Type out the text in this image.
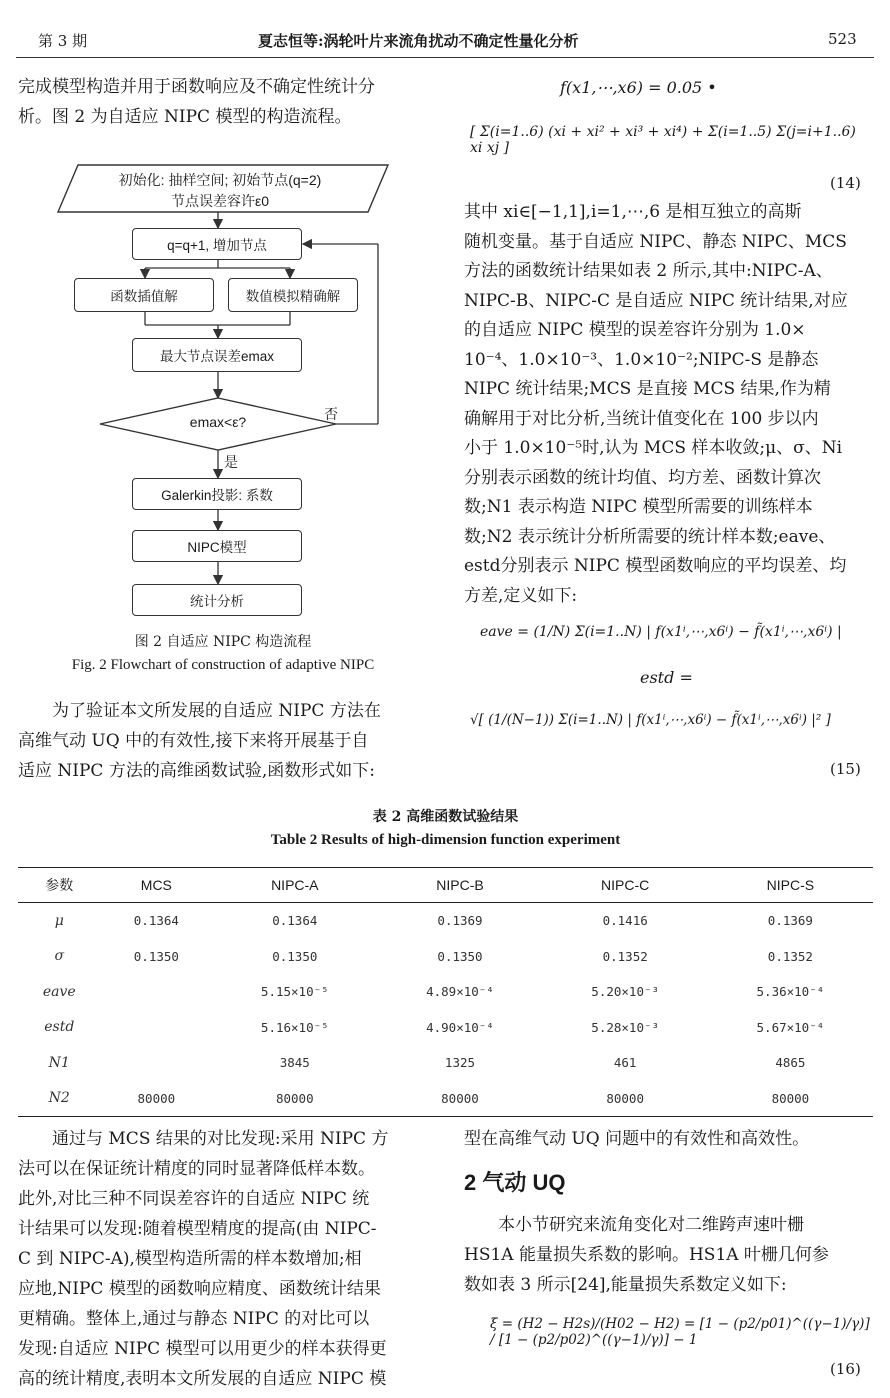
第 3 期	夏志恒等:涡轮叶片来流角扰动不确定性量化分析	523

完成模型构造并用于函数响应及不确定性统计分

析。图 2 为自适应 NIPC 模型的构造流程。

初始化: 抽样空间; 初始节点(q=2)
节点误差容许ε0
q=q+1, 增加节点
函数插值解	数值模拟精确解
最大节点误差emax
emax<ε?	否
是
Galerkin投影: 系数
NIPC模型
统计分析
图 2 自适应 NIPC 构造流程
Fig. 2 Flowchart of construction of adaptive NIPC

为了验证本文所发展的自适应 NIPC 方法在

高维气动 UQ 中的有效性,接下来将开展基于自

适应 NIPC 方法的高维函数试验,函数形式如下:

f(x1,⋯,x6) = 0.05 •
[ Σ(i=1..6) (xi + xi² + xi³ + xi⁴) + Σ(i=1..5) Σ(j=i+1..6) xi xj ]
(14)

其中 xi∈[−1,1],i=1,⋯,6 是相互独立的高斯

随机变量。基于自适应 NIPC、静态 NIPC、MCS

方法的函数统计结果如表 2 所示,其中:NIPC-A、

NIPC-B、NIPC-C 是自适应 NIPC 统计结果,对应

的自适应 NIPC 模型的误差容许分别为 1.0×

10⁻⁴、1.0×10⁻³、1.0×10⁻²;NIPC-S 是静态

NIPC 统计结果;MCS 是直接 MCS 结果,作为精

确解用于对比分析,当统计值变化在 100 步以内

小于 1.0×10⁻⁵时,认为 MCS 样本收敛;μ、σ、Ni

分别表示函数的统计均值、均方差、函数计算次

数;N1 表示构造 NIPC 模型所需要的训练样本

数;N2 表示统计分析所需要的统计样本数;eave、

estd分别表示 NIPC 模型函数响应的平均误差、均

方差,定义如下:

eave = (1/N) Σ(i=1..N) | f(x1ⁱ,⋯,x6ⁱ) − f̃(x1ⁱ,⋯,x6ⁱ) |
estd =
√[ (1/(N−1)) Σ(i=1..N) | f(x1ⁱ,⋯,x6ⁱ) − f̃(x1ⁱ,⋯,x6ⁱ) |² ]
(15)
表 2 高维函数试验结果
Table 2 Results of high-dimension function experiment
参数	MCS	NIPC-A	NIPC-B	NIPC-C	NIPC-S
μ	0.1364	0.1364	0.1369	0.1416	0.1369
σ	0.1350	0.1350	0.1350	0.1352	0.1352
eave		5.15×10⁻⁵	4.89×10⁻⁴	5.20×10⁻³	5.36×10⁻⁴
estd		5.16×10⁻⁵	4.90×10⁻⁴	5.28×10⁻³	5.67×10⁻⁴
N1		3845	1325	461	4865
N2	80000	80000	80000	80000	80000

通过与 MCS 结果的对比发现:采用 NIPC 方

法可以在保证统计精度的同时显著降低样本数。

此外,对比三种不同误差容许的自适应 NIPC 统

计结果可以发现:随着模型精度的提高(由 NIPC-

C 到 NIPC-A),模型构造所需的样本数增加;相

应地,NIPC 模型的函数响应精度、函数统计结果

更精确。整体上,通过与静态 NIPC 的对比可以

发现:自适应 NIPC 模型可以用更少的样本获得更

高的统计精度,表明本文所发展的自适应 NIPC 模

型在高维气动 UQ 问题中的有效性和高效性。

2 气动 UQ

本小节研究来流角变化对二维跨声速叶栅

HS1A 能量损失系数的影响。HS1A 叶栅几何参

数如表 3 所示[24],能量损失系数定义如下:

ξ = (H2 − H2s)/(H02 − H2) = [1 − (p2/p01)^((γ−1)/γ)] / [1 − (p2/p02)^((γ−1)/γ)] − 1
(16)
